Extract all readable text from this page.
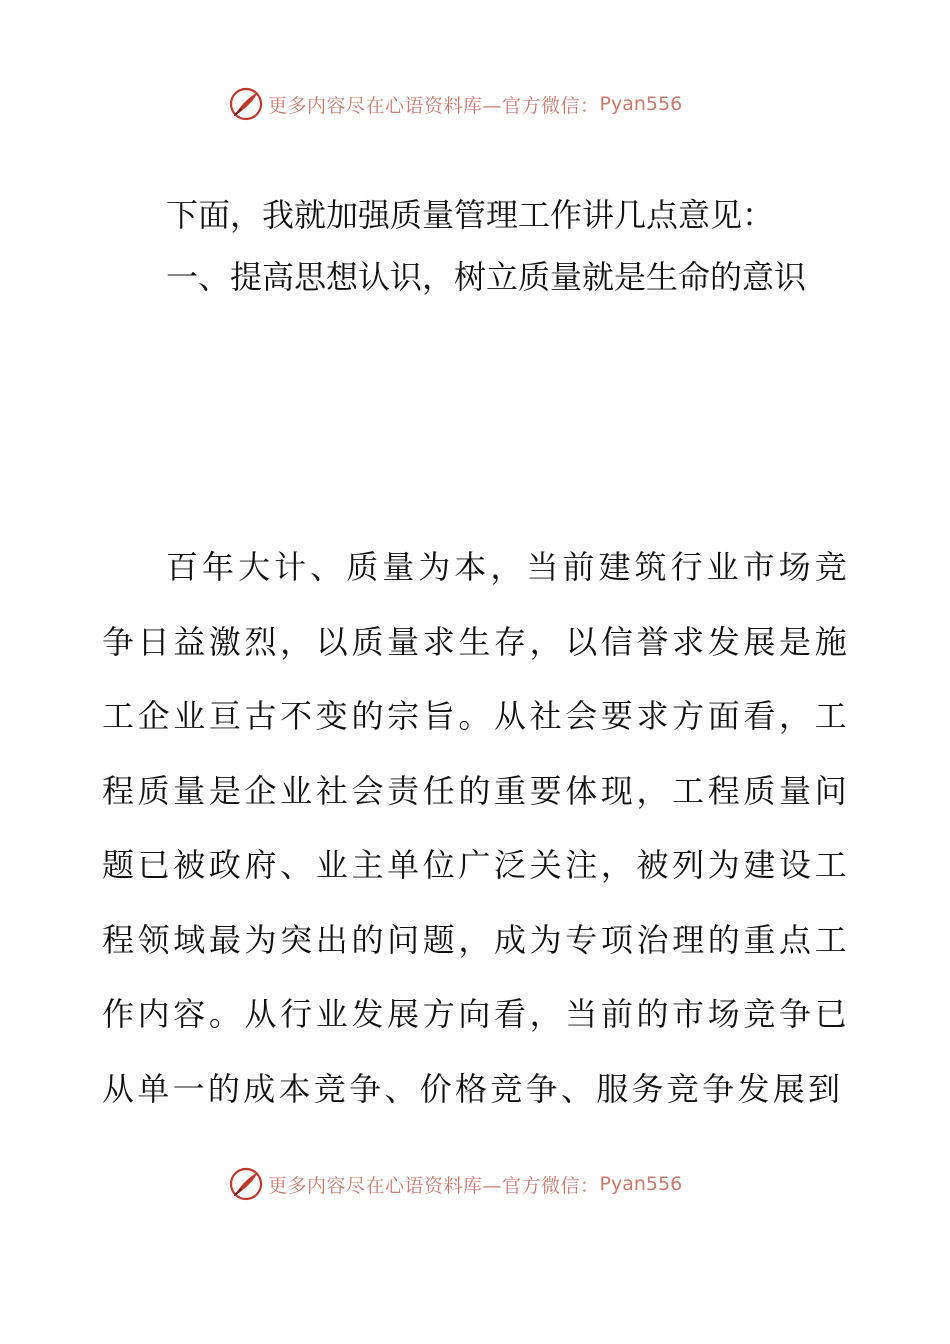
更多内容尽在心语资料库— 官方微信： Pyan556

下面，我就加强质量管理工作讲几点意见：

一、提高思想认识，树立质量就是生命的意识

百年大计、质量为本，当前建筑行业市场竞争日益激烈，以质量求生存，以信誉求发展是施工企业亘古不变的宗旨。从社会要求方面看，工程质量是企业社会责任的重要体现，工程质量问题已被政府、业主单位广泛关注，被列为建设工程领域最为突出的问题，成为专项治理的重点工作内容。从行业发展方向看，当前的市场竞争已从单一的成本竞争、价格竞争、服务竞争发展到

更多内容尽在心语资料库— 官方微信： Pyan556
